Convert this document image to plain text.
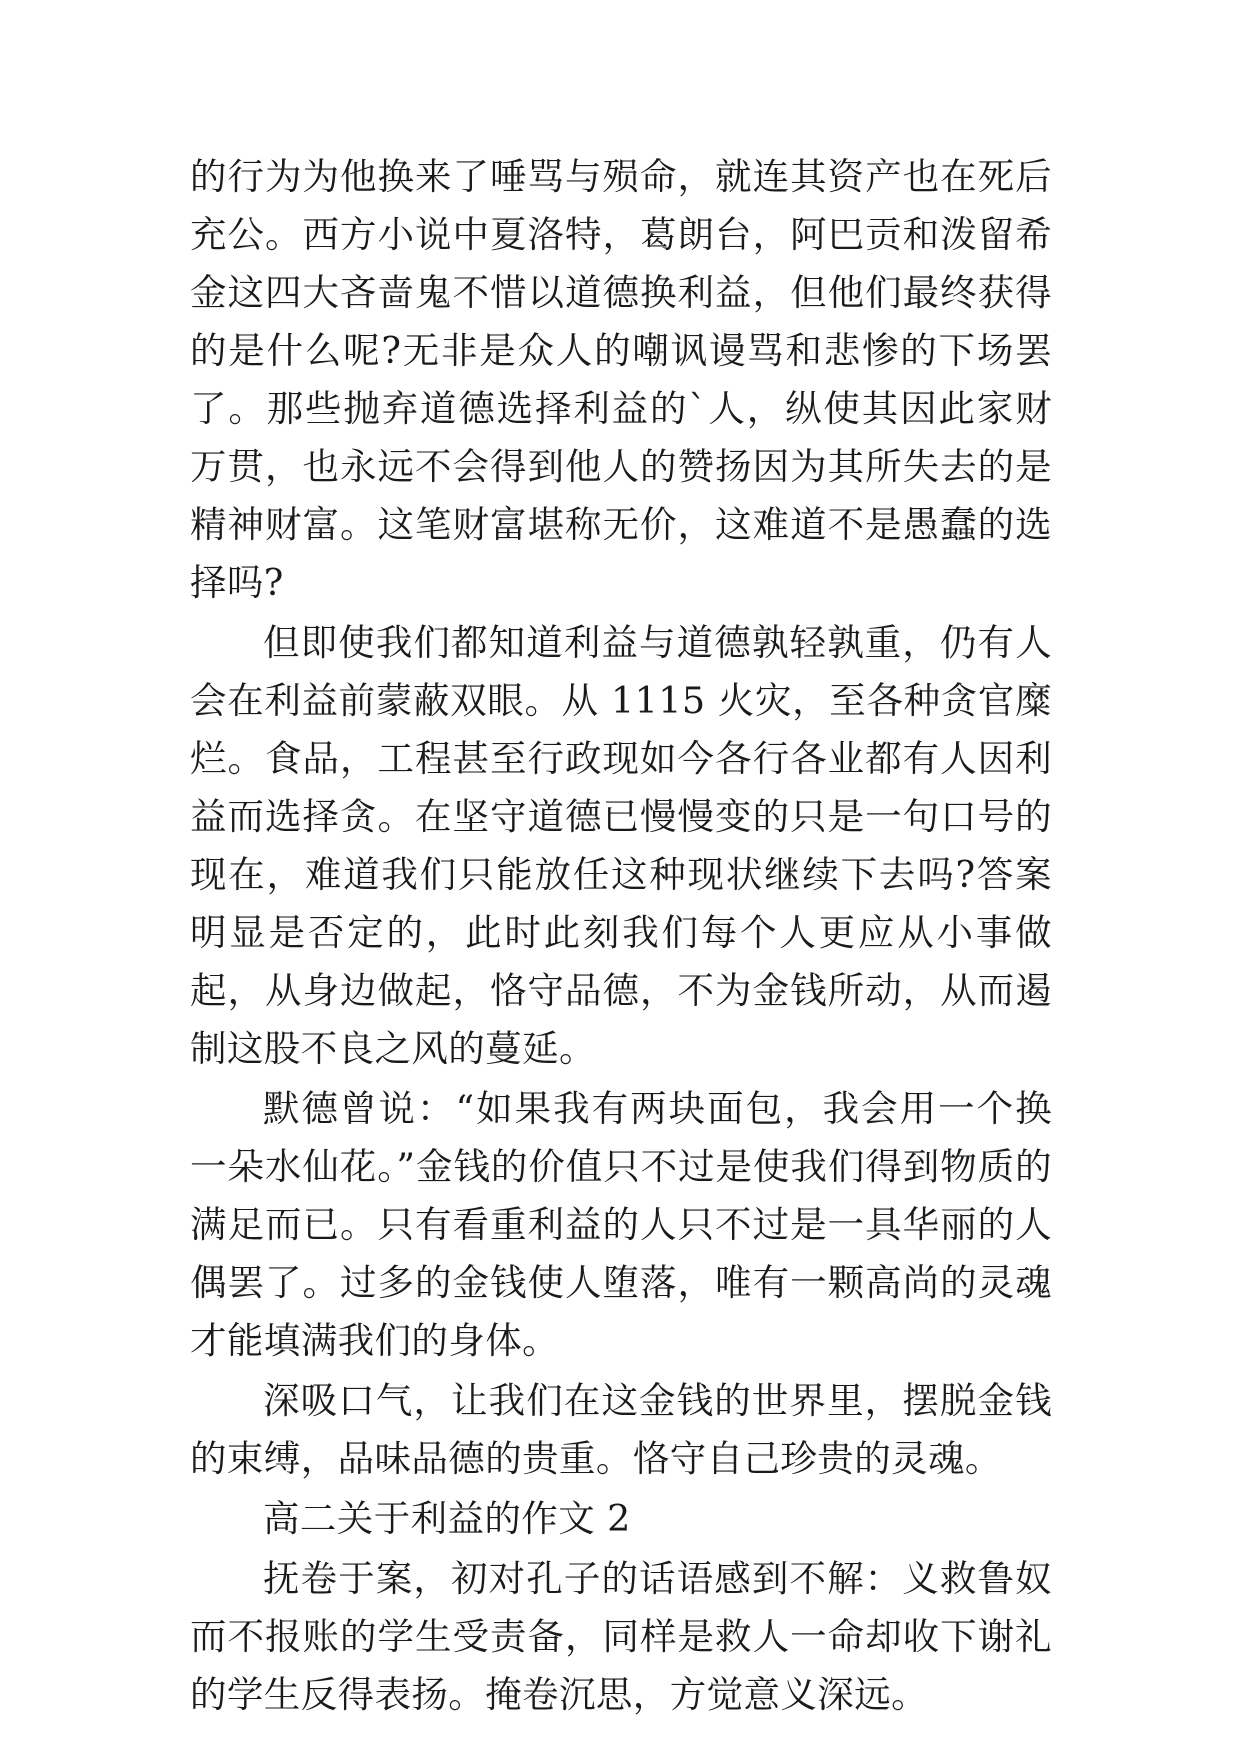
的行为为他换来了唾骂与殒命，就连其资产也在死后充公。西方小说中夏洛特，葛朗台，阿巴贡和泼留希金这四大吝啬鬼不惜以道德换利益，但他们最终获得的是什么呢?无非是众人的嘲讽谩骂和悲惨的下场罢了。那些抛弃道德选择利益的`人，纵使其因此家财万贯，也永远不会得到他人的赞扬因为其所失去的是精神财富。这笔财富堪称无价，这难道不是愚蠢的选择吗?

但即使我们都知道利益与道德孰轻孰重，仍有人会在利益前蒙蔽双眼。从 1115 火灾，至各种贪官糜烂。食品，工程甚至行政现如今各行各业都有人因利益而选择贪。在坚守道德已慢慢变的只是一句口号的现在，难道我们只能放任这种现状继续下去吗?答案明显是否定的，此时此刻我们每个人更应从小事做起，从身边做起，恪守品德，不为金钱所动，从而遏制这股不良之风的蔓延。

默德曾说：“如果我有两块面包，我会用一个换一朵水仙花。”金钱的价值只不过是使我们得到物质的满足而已。只有看重利益的人只不过是一具华丽的人偶罢了。过多的金钱使人堕落，唯有一颗高尚的灵魂才能填满我们的身体。

深吸口气，让我们在这金钱的世界里，摆脱金钱的束缚，品味品德的贵重。恪守自己珍贵的灵魂。

高二关于利益的作文 2

抚卷于案，初对孔子的话语感到不解：义救鲁奴而不报账的学生受责备，同样是救人一命却收下谢礼的学生反得表扬。掩卷沉思，方觉意义深远。
